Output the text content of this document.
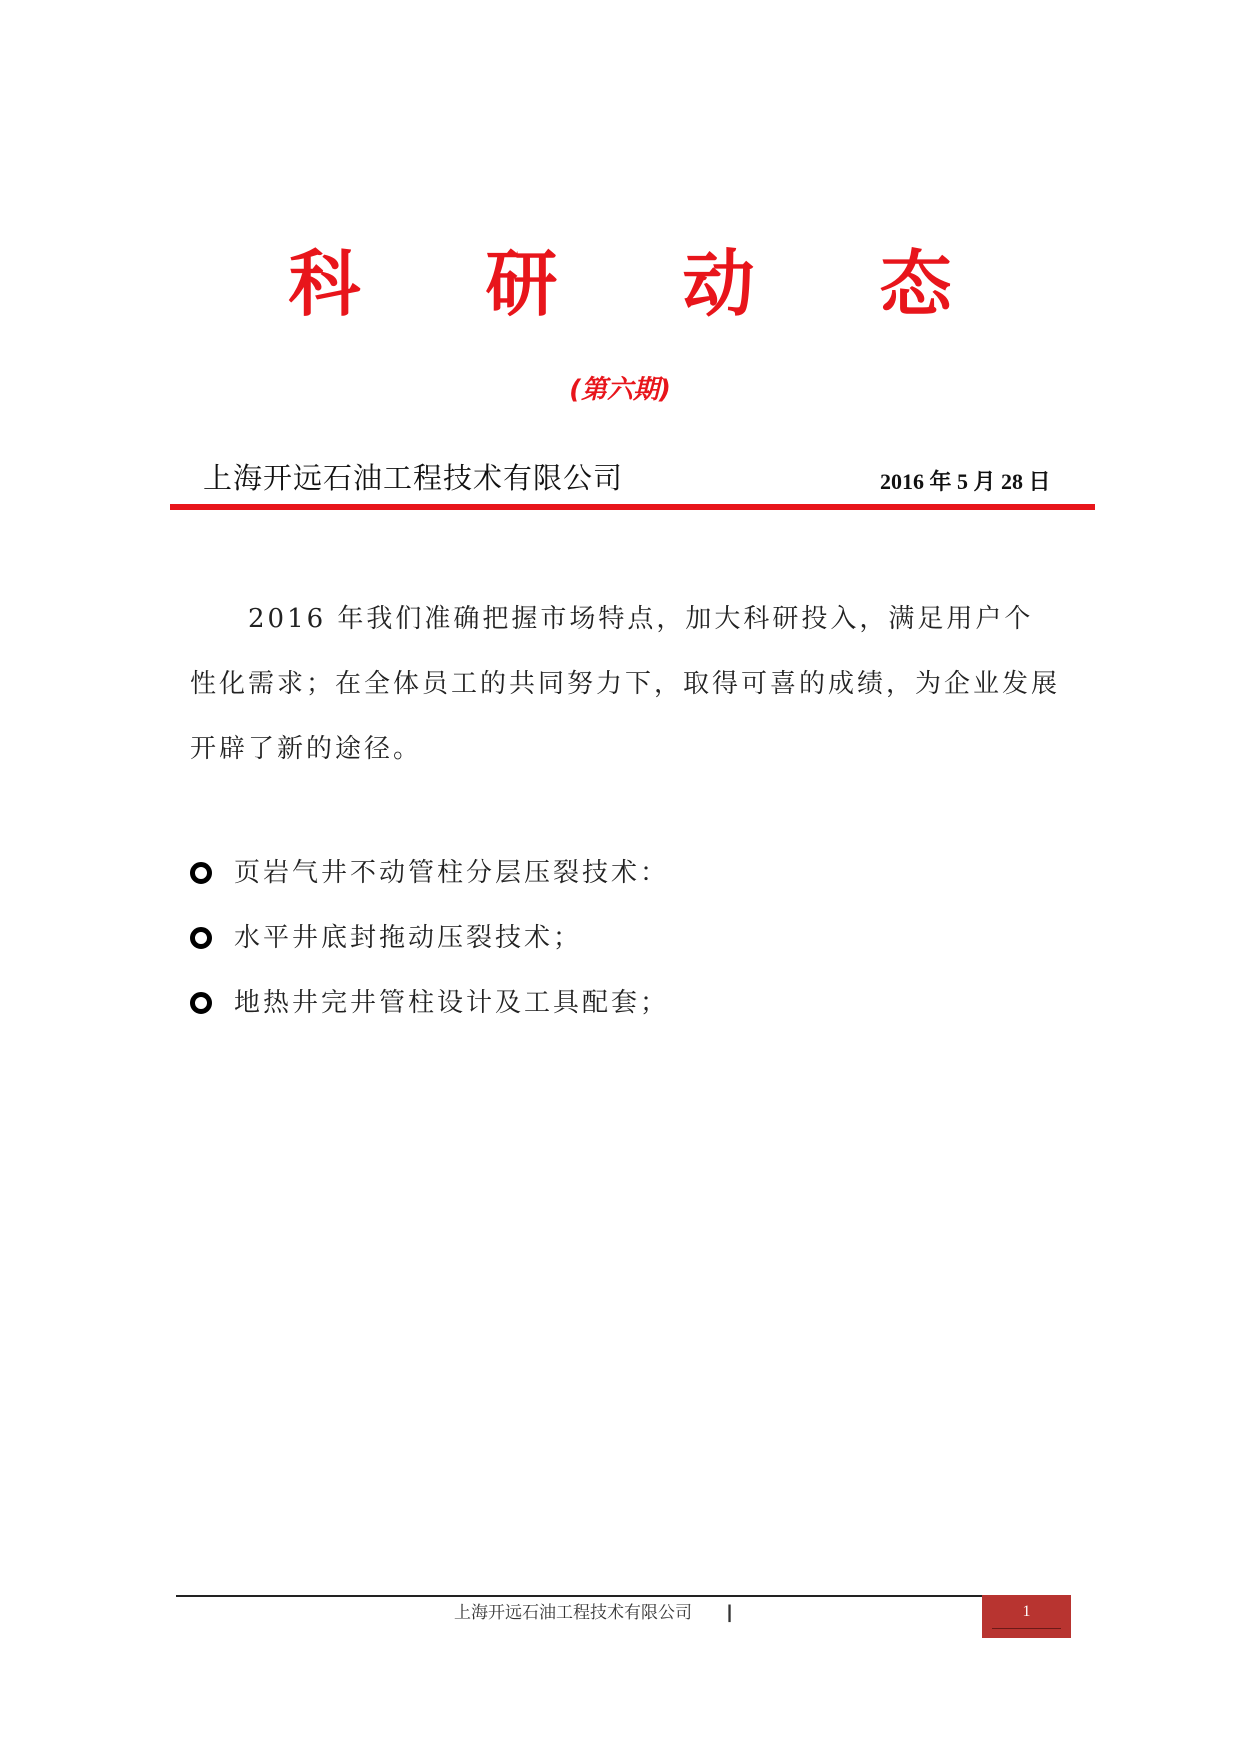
科 研 动 态
(第六期)
上海开远石油工程技术有限公司	2016 年 5 月 28 日

2016 年我们准确把握市场特点，加大科研投入，满足用户个性化需求；在全体员工的共同努力下，取得可喜的成绩，为企业发展开辟了新的途径。

页岩气井不动管柱分层压裂技术：
水平井底封拖动压裂技术；
地热井完井管柱设计及工具配套；
上海开远石油工程技术有限公司 |	1
